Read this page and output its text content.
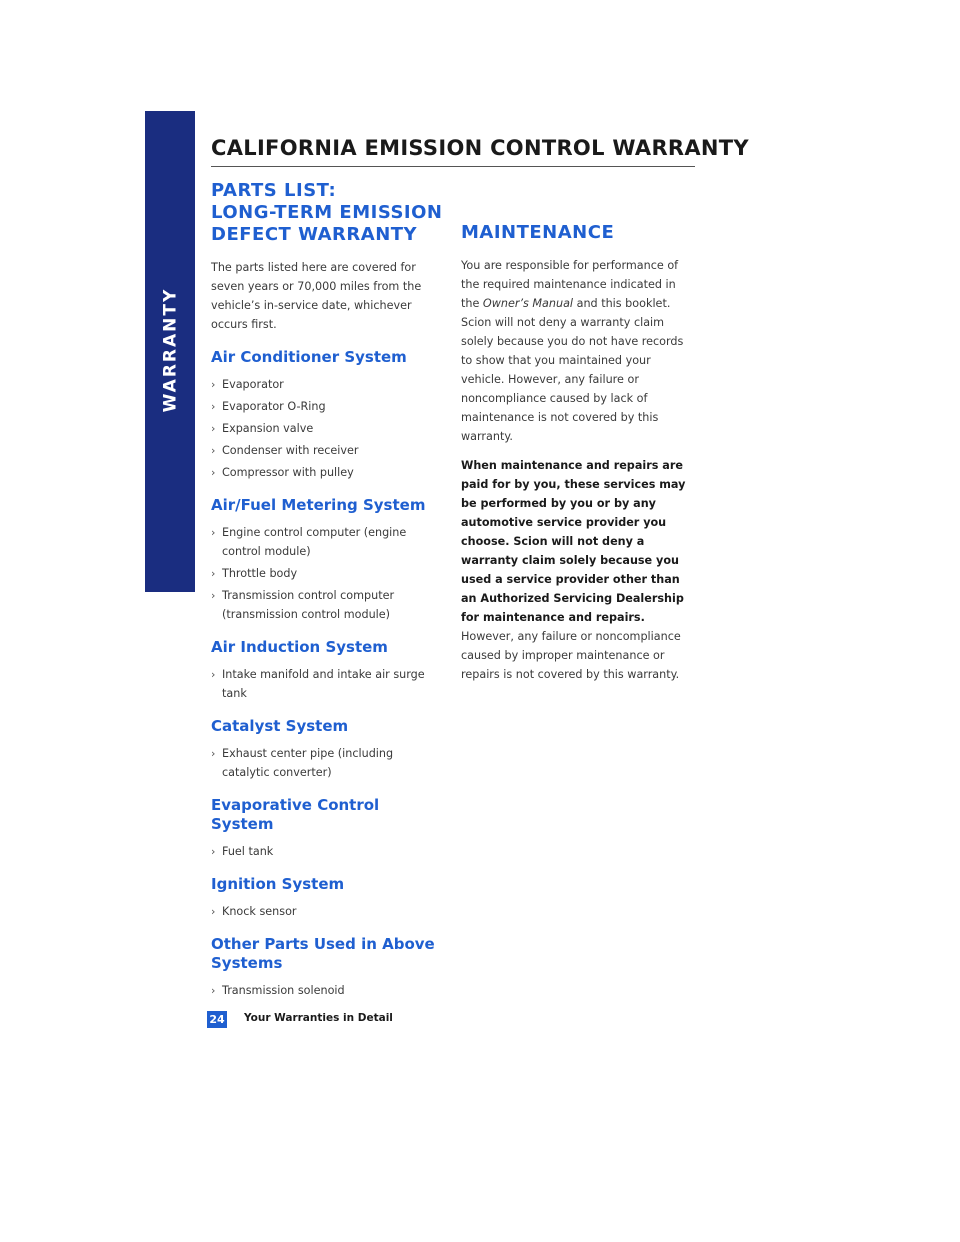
WARRANTY
CALIFORNIA EMISSION CONTROL WARRANTY
PARTS LIST:
LONG-TERM EMISSION
DEFECT WARRANTY

The parts listed here are covered for seven years or 70,000 miles from the vehicle’s in-service date, whichever occurs first.

Air Conditioner System
› Evaporator
› Evaporator O-Ring
› Expansion valve
› Condenser with receiver
› Compressor with pulley
Air/Fuel Metering System
› Engine control computer (engine control module)
› Throttle body
› Transmission control computer (transmission control module)
Air Induction System
› Intake manifold and intake air surge tank
Catalyst System
› Exhaust center pipe (including catalytic converter)
Evaporative Control System
› Fuel tank
Ignition System
› Knock sensor
Other Parts Used in Above
Systems
› Transmission solenoid
MAINTENANCE

You are responsible for performance of the required maintenance indicated in the Owner’s Manual and this booklet. Scion will not deny a warranty claim solely because you do not have records to show that you maintained your vehicle. However, any failure or noncompliance caused by lack of maintenance is not covered by this warranty.

When maintenance and repairs are paid for by you, these services may be performed by you or by any automotive service provider you choose. Scion will not deny a warranty claim solely because you used a service provider other than an Authorized Servicing Dealership for maintenance and repairs. However, any failure or noncompliance caused by improper maintenance or repairs is not covered by this warranty.

24 Your Warranties in Detail
